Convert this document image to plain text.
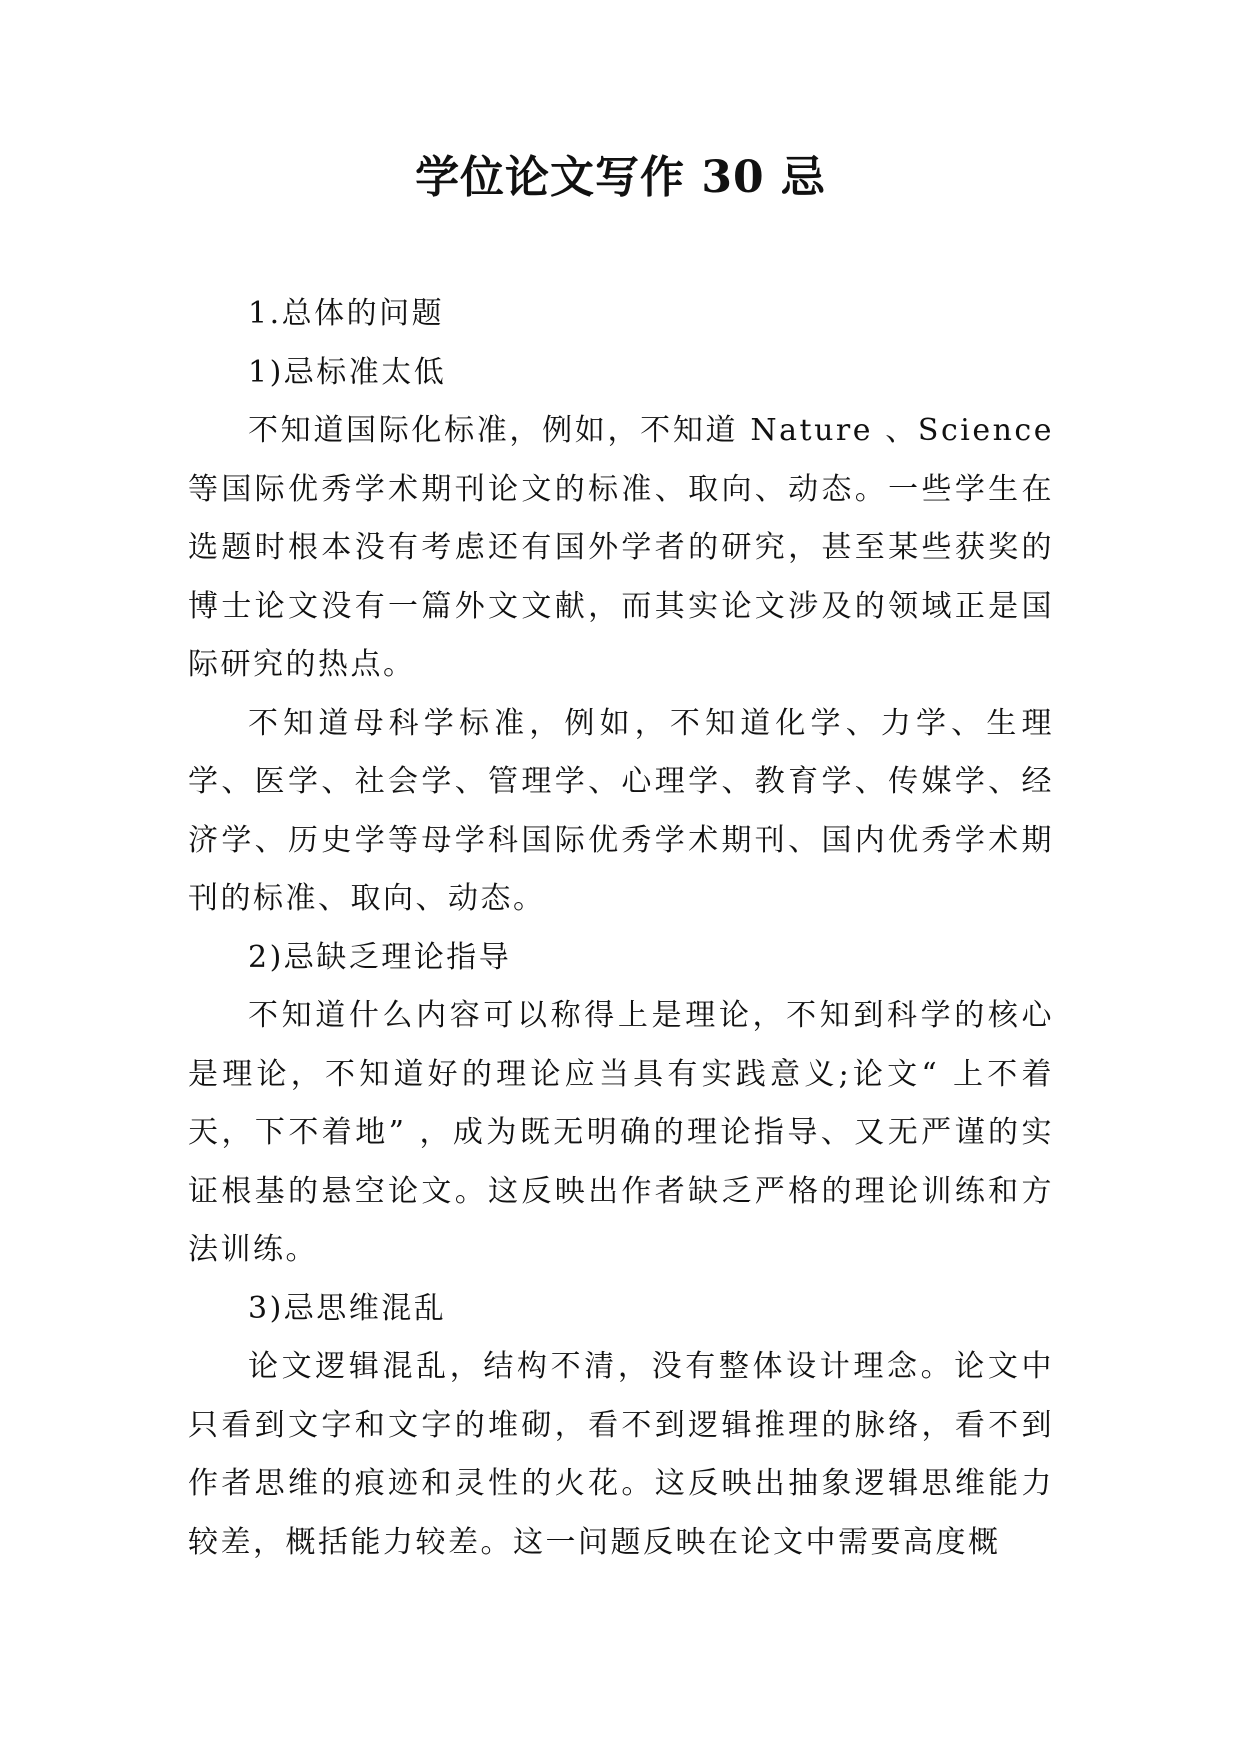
学位论文写作 30 忌

1.总体的问题

1)忌标准太低

不知道国际化标准，例如，不知道 Nature 、Science 等国际优秀学术期刊论文的标准、取向、动态。一些学生在选题时根本没有考虑还有国外学者的研究，甚至某些获奖的博士论文没有一篇外文文献，而其实论文涉及的领域正是国际研究的热点。

不知道母科学标准，例如，不知道化学、力学、生理学、医学、社会学、管理学、心理学、教育学、传媒学、经济学、历史学等母学科国际优秀学术期刊、国内优秀学术期刊的标准、取向、动态。

2)忌缺乏理论指导

不知道什么内容可以称得上是理论，不知到科学的核心是理论，不知道好的理论应当具有实践意义;论文“ 上不着天，下不着地” ，成为既无明确的理论指导、又无严谨的实证根基的悬空论文。这反映出作者缺乏严格的理论训练和方法训练。

3)忌思维混乱

论文逻辑混乱，结构不清，没有整体设计理念。论文中只看到文字和文字的堆砌，看不到逻辑推理的脉络，看不到作者思维的痕迹和灵性的火花。这反映出抽象逻辑思维能力较差，概括能力较差。这一问题反映在论文中需要高度概
